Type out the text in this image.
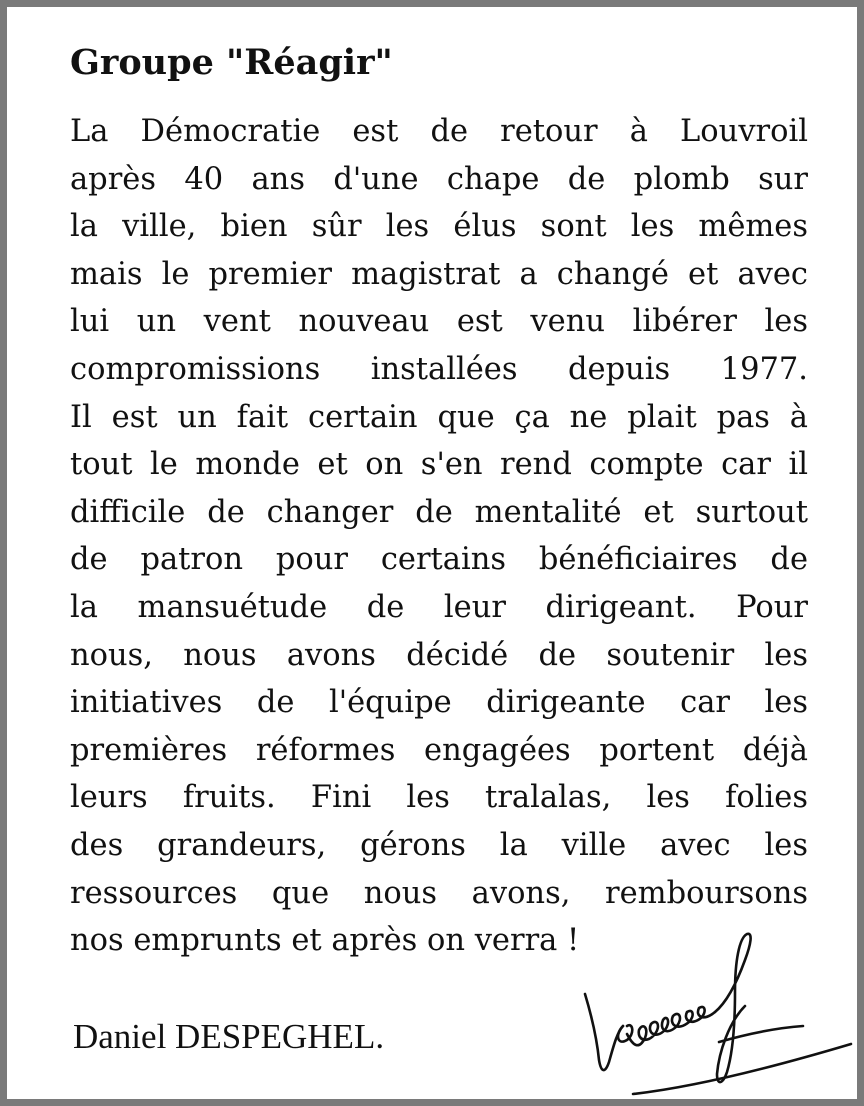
Groupe "Réagir"
La Démocratie est de retour à Louvroil
après 40 ans d'une chape de plomb sur
la ville, bien sûr les élus sont les mêmes
mais le premier magistrat a changé et avec
lui un vent nouveau est venu libérer les
compromissions installées depuis 1977.
Il est un fait certain que ça ne plait pas à
tout le monde et on s'en rend compte car il
difficile de changer de mentalité et surtout
de patron pour certains bénéficiaires de
la mansuétude de leur dirigeant. Pour
nous, nous avons décidé de soutenir les
initiatives de l'équipe dirigeante car les
premières réformes engagées portent déjà
leurs fruits. Fini les tralalas, les folies
des grandeurs, gérons la ville avec les
ressources que nous avons, remboursons
nos emprunts et après on verra !

Daniel DESPEGHEL.
